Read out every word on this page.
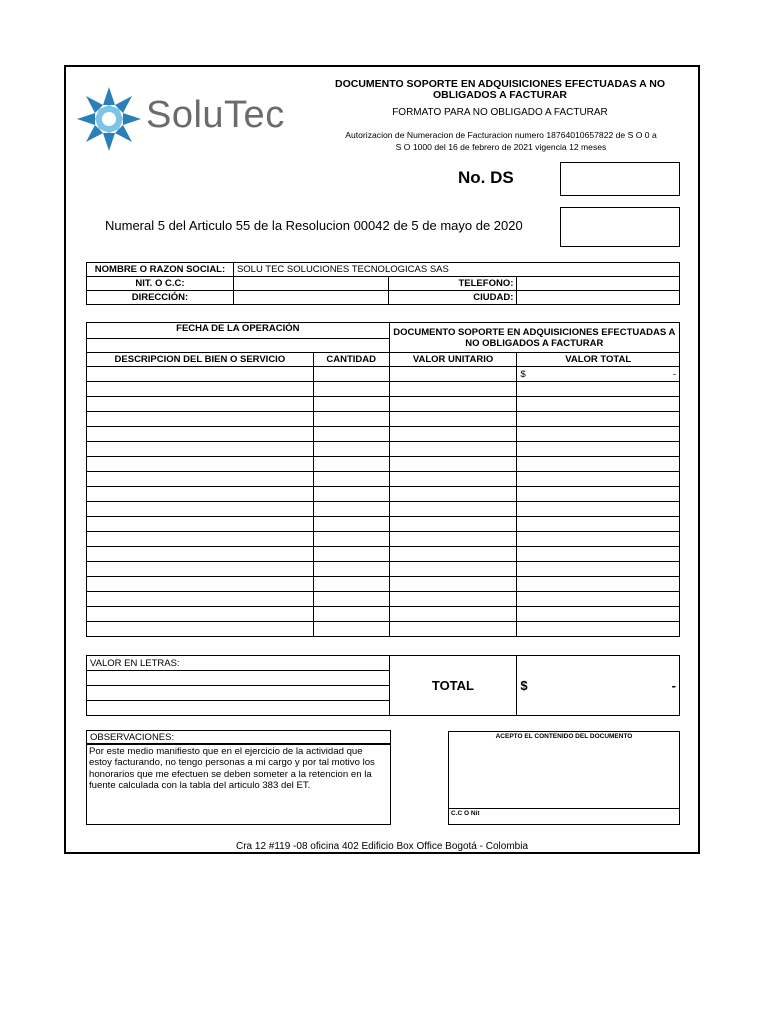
SoluTec
DOCUMENTO SOPORTE EN ADQUISICIONES EFECTUADAS A NO OBLIGADOS A FACTURAR
FORMATO PARA NO OBLIGADO A FACTURAR
Autorizacion de Numeracion de Facturacion numero 18764010657822 de S O 0 a
S O 1000 del 16 de febrero de 2021 vigencia 12 meses
No. DS
Numeral 5 del Articulo 55 de la Resolucion 00042 de 5 de mayo de 2020
NOMBRE O RAZON SOCIAL:	SOLU TEC SOLUCIONES TECNOLOGICAS SAS		
NIT. O C.C:		TELEFONO:	
DIRECCIÓN:		CIUDAD:	
FECHA DE LA OPERACIÓN		DOCUMENTO SOPORTE EN ADQUISICIONES EFECTUADAS A NO OBLIGADOS A FACTURAR	

DESCRIPCION DEL BIEN O SERVICIO	CANTIDAD	VALOR UNITARIO	VALOR TOTAL
			$ -

VALOR EN LETRAS:	TOTAL	$	-

OBSERVACIONES:
Por este medio manifiesto que en el ejercicio de la actividad que estoy facturando, no tengo personas a mi cargo y por tal motivo los honorarios que me efectuen se deben someter a la retencion en la fuente calculada con la tabla del articulo 383 del ET.
ACEPTO EL CONTENIDO DEL DOCUMENTO
C.C O Nit
Cra 12 #119 -08 oficina 402 Edificio Box Office Bogotá - Colombia
